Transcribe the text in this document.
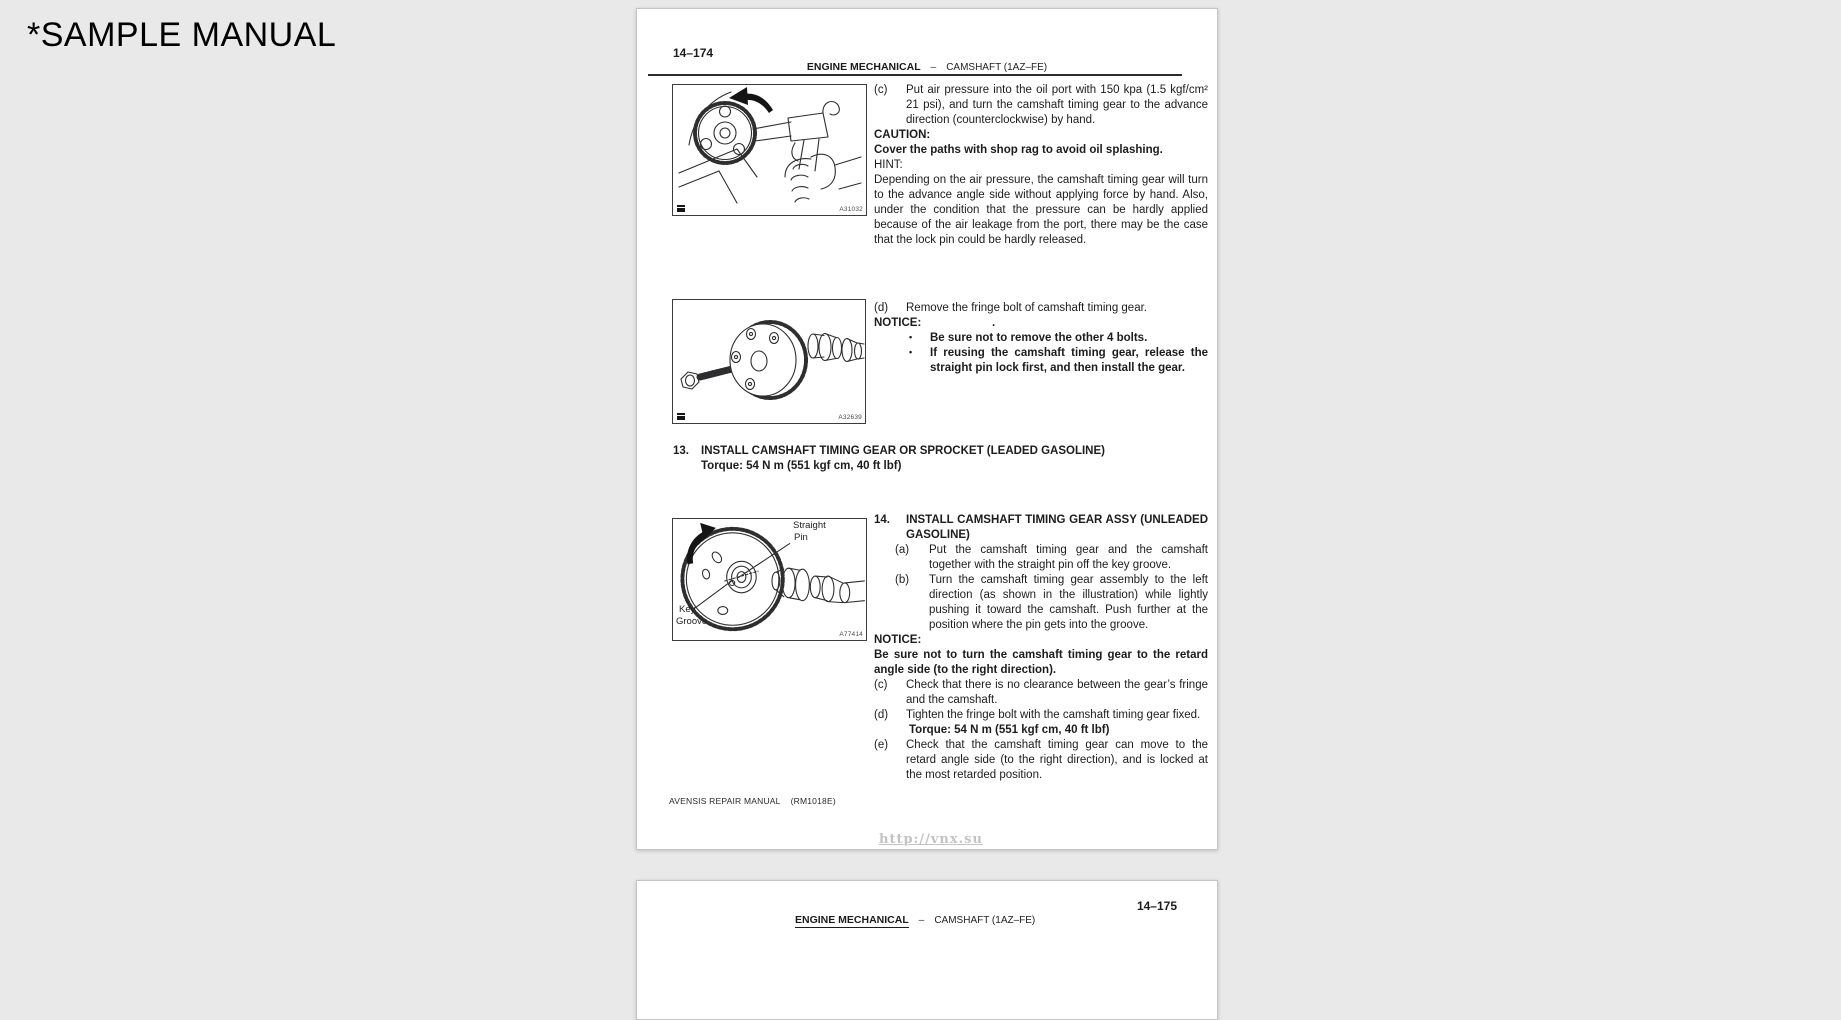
*SAMPLE MANUAL	14–174
ENGINE MECHANICAL – CAMSHAFT (1AZ–FE)
A31032
(c) Put air pressure into the oil port with 150 kpa (1.5 kgf/cm² 21 psi), and turn the camshaft timing gear to the advance direction (counterclockwise) by hand.
CAUTION:
Cover the paths with shop rag to avoid oil splashing.
HINT:
Depending on the air pressure, the camshaft timing gear will turn to the advance angle side without applying force by hand. Also, under the condition that the pressure can be hardly applied because of the air leakage from the port, there may be the case that the lock pin could be hardly released.
A32639
(d) Remove the fringe bolt of camshaft timing gear.
NOTICE:	.
• Be sure not to remove the other 4 bolts.
• If reusing the camshaft timing gear, release the straight pin lock first, and then install the gear.
13. INSTALL CAMSHAFT TIMING GEAR OR SPROCKET (LEADED GASOLINE)
Torque: 54 N m (551 kgf cm, 40 ft lbf)
Straight
Pin
Key
Groove
A77414
14. INSTALL CAMSHAFT TIMING GEAR ASSY (UNLEADED GASOLINE)
(a) Put the camshaft timing gear and the camshaft together with the straight pin off the key groove.
(b) Turn the camshaft timing gear assembly to the left direction (as shown in the illustration) while lightly pushing it toward the camshaft. Push further at the position where the pin gets into the groove.
NOTICE:
Be sure not to turn the camshaft timing gear to the retard angle side (to the right direction).
(c) Check that there is no clearance between the gear’s fringe and the camshaft.
(d) Tighten the fringe bolt with the camshaft timing gear fixed.
Torque: 54 N m (551 kgf cm, 40 ft lbf)
(e) Check that the camshaft timing gear can move to the retard angle side (to the right direction), and is locked at the most retarded position.
AVENSIS REPAIR MANUAL (RM1018E)
http://vnx.su
14–175
ENGINE MECHANICAL – CAMSHAFT (1AZ–FE)
